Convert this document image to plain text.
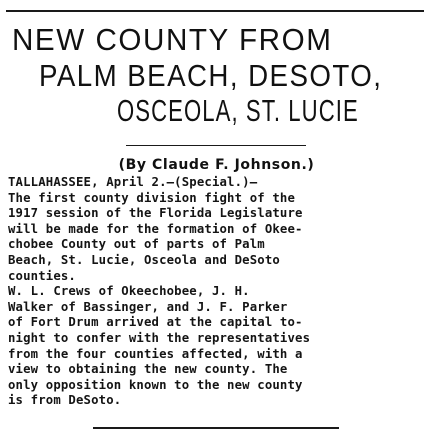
NEW COUNTY FROM
PALM BEACH, DESOTO,
OSCEOLA, ST. LUCIE
(By Claude F. Johnson.)
TALLAHASSEE, April 2.—(Special.)—
The first county division fight of the
1917 session of the Florida Legislature
will be made for the formation of Okee-
chobee County out of parts of Palm
Beach, St. Lucie, Osceola and DeSoto
counties.
W. L. Crews of Okeechobee, J. H.
Walker of Bassinger, and J. F. Parker
of Fort Drum arrived at the capital to-
night to confer with the representatives
from the four counties affected, with a
view to obtaining the new county. The
only opposition known to the new county
is from DeSoto.
